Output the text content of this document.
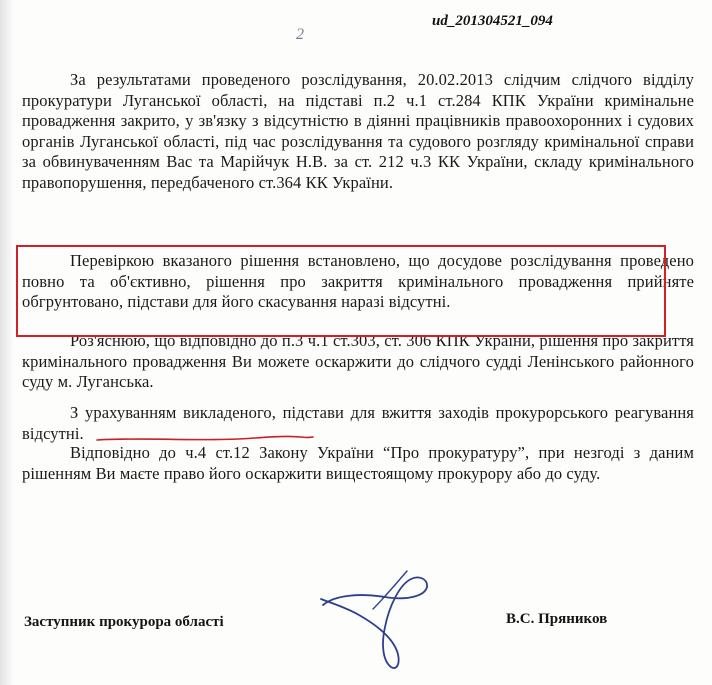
ud_201304521_094
2

За результатами проведеного розслідування, 20.02.2013 слідчим слідчого відділу прокуратури Луганської області, на підставі п.2 ч.1 ст.284 КПК України кримінальне провадження закрито, у зв'язку з відсутністю в діянні працівників правоохоронних і судових органів Луганської області, під час розслідування та судового розгляду кримінальної справи за обвинуваченням Вас та Марійчук Н.В. за ст. 212 ч.3 КК України, складу кримінального правопорушення, передбаченого ст.364 КК України.

Перевіркою вказаного рішення встановлено, що досудове розслідування проведено повно та об'єктивно, рішення про закриття кримінального провадження прийняте обгрунтовано, підстави для його скасування наразі відсутні.

Роз'яснюю, що відповідно до п.3 ч.1 ст.303, ст. 306 КПК України, рішення про закриття кримінального провадження Ви можете оскаржити до слідчого судді Ленінського районного суду м. Луганська.

З урахуванням викладеного, підстави для вжиття заходів прокурорського реагування відсутні.

Відповідно до ч.4 ст.12 Закону України “Про прокуратуру”, при незгоді з даним рішенням Ви маєте право його оскаржити вищестоящому прокурору або до суду.

Заступник прокурора області	В.С. Пряников
